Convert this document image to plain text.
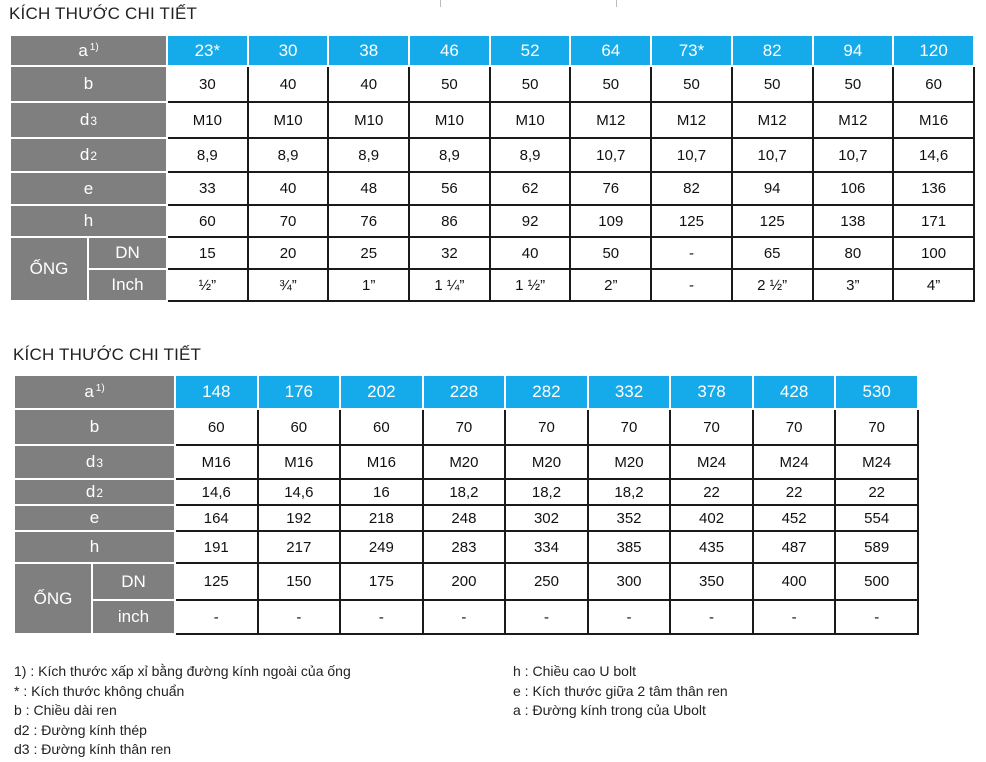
KÍCH THƯỚC CHI TIẾT
a $^{1)}$		23*	30	38	46	52	64	73*	82	94	120
b		30	40	40	50	50	50	50	50	50	60
d3		M10	M10	M10	M10	M10	M12	M12	M12	M12	M16
d2		8,9	8,9	8,9	8,9	8,9	10,7	10,7	10,7	10,7	14,6
e		33	40	48	56	62	76	82	94	106	136
h		60	70	76	86	92	109	125	125	138	171
ỐNG	DN	15	20	25	32	40	50	-	65	80	100
	Inch	½”	¾”	1”	1 ¼”	1 ½”	2”	-	2 ½”	3”	4”
KÍCH THƯỚC CHI TIẾT
a $^{1)}$		148	176	202	228	282	332	378	428	530
b		60	60	60	70	70	70	70	70	70
d3		M16	M16	M16	M20	M20	M20	M24	M24	M24
d2		14,6	14,6	16	18,2	18,2	18,2	22	22	22
e		164	192	218	248	302	352	402	452	554
h		191	217	249	283	334	385	435	487	589
ỐNG	DN	125	150	175	200	250	300	350	400	500
	inch	-	-	-	-	-	-	-	-	-
1) : Kích thước xấp xỉ bằng đường kính ngoài của ống
* : Kích thước không chuẩn
b : Chiều dài ren
d2 : Đường kính thép
d3 : Đường kính thân ren
h : Chiều cao U bolt
e : Kích thước giữa 2 tâm thân ren
a : Đường kính trong của Ubolt
